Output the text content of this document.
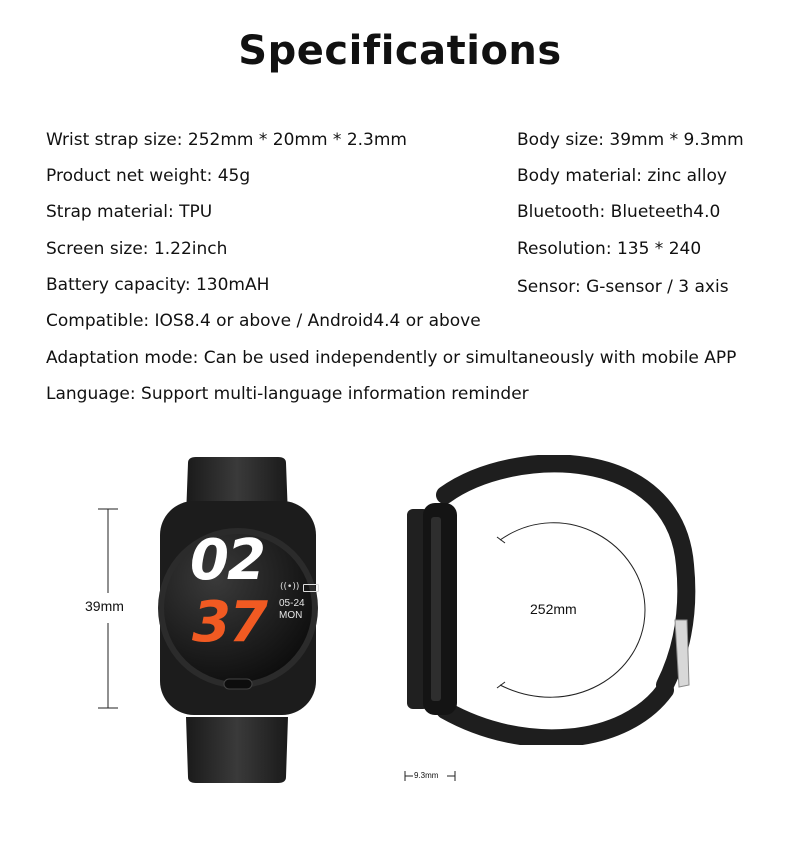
Specifications
Wrist strap size: 252mm * 20mm * 2.3mm
Product net weight: 45g
Strap material: TPU
Screen size: 1.22inch
Battery capacity: 130mAH
Body size: 39mm * 9.3mm
Body material: zinc alloy
Bluetooth: Blueteeth4.0
Resolution: 135 * 240
Sensor: G-sensor / 3 axis
Compatible: IOS8.4 or above / Android4.4 or above
Adaptation mode: Can be used independently or simultaneously with mobile APP
Language: Support multi-language information reminder
02
37
((•))
05-24
MON
39mm	252mm
9.3mm
